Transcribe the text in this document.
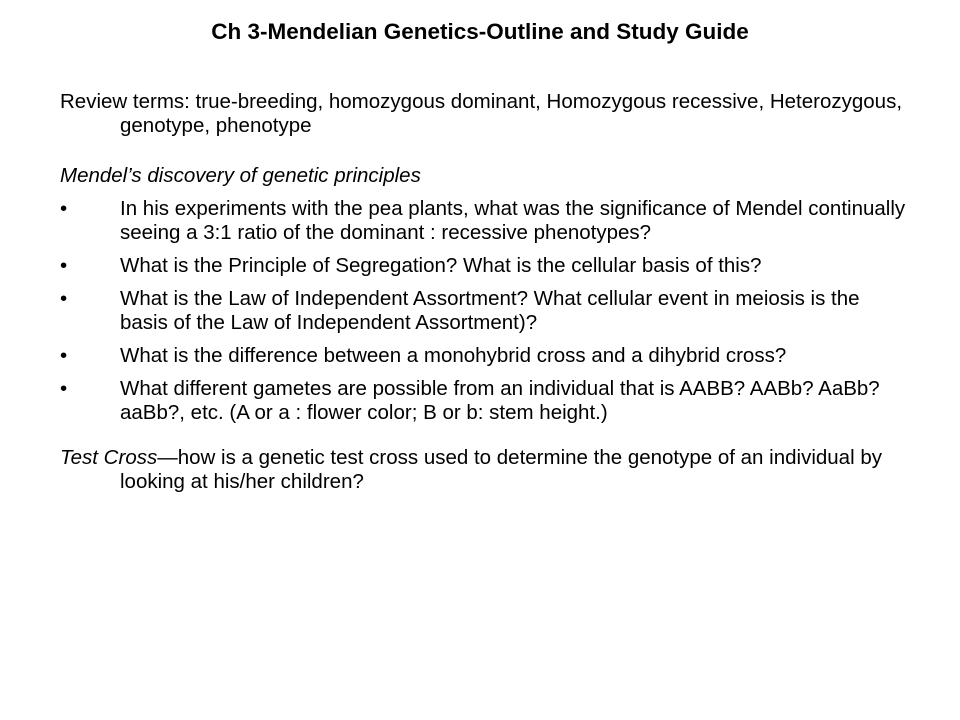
Ch 3-Mendelian Genetics-Outline and Study Guide

Review terms: true-breeding, homozygous dominant, Homozygous recessive, Heterozygous, genotype, phenotype

Mendel’s discovery of genetic principles

•	In his experiments with the pea plants, what was the significance of Mendel continually seeing a 3:1 ratio of the dominant : recessive phenotypes?
•	What is the Principle of Segregation? What is the cellular basis of this?
•	What is the Law of Independent Assortment? What cellular event in meiosis is the basis of the Law of Independent Assortment)?
•	What is the difference between a monohybrid cross and a dihybrid cross?
•	What different gametes are possible from an individual that is AABB? AABb? AaBb? aaBb?, etc. (A or a : flower color; B or b: stem height.)

Test Cross—how is a genetic test cross used to determine the genotype of an individual by looking at his/her children?
